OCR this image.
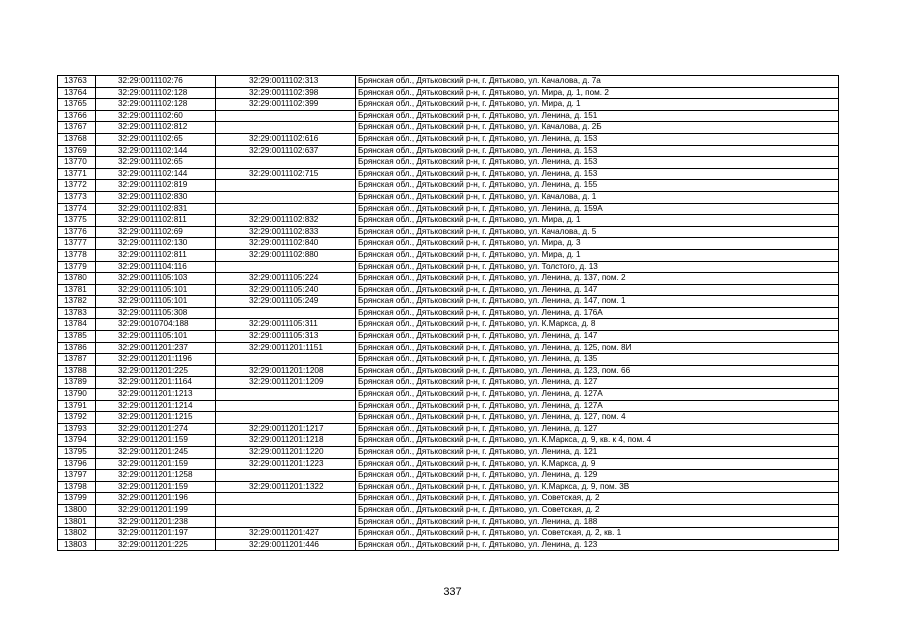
13763	32:29:0011102:76	32:29:0011102:313	Брянская обл., Дятьковский р-н, г. Дятьково, ул. Качалова, д. 7а
13764	32:29:0011102:128	32:29:0011102:398	Брянская обл., Дятьковский р-н, г. Дятьково, ул. Мира, д. 1, пом. 2
13765	32:29:0011102:128	32:29:0011102:399	Брянская обл., Дятьковский р-н, г. Дятьково, ул. Мира, д. 1
13766	32:29:0011102:60		Брянская обл., Дятьковский р-н, г. Дятьково, ул. Ленина, д. 151
13767	32:29:0011102:812		Брянская обл., Дятьковский р-н, г. Дятьково, ул. Качалова, д. 2Б
13768	32:29:0011102:65	32:29:0011102:616	Брянская обл., Дятьковский р-н, г. Дятьково, ул. Ленина, д. 153
13769	32:29:0011102:144	32:29:0011102:637	Брянская обл., Дятьковский р-н, г. Дятьково, ул. Ленина, д. 153
13770	32:29:0011102:65		Брянская обл., Дятьковский р-н, г. Дятьково, ул. Ленина, д. 153
13771	32:29:0011102:144	32:29:0011102:715	Брянская обл., Дятьковский р-н, г. Дятьково, ул. Ленина, д. 153
13772	32:29:0011102:819		Брянская обл., Дятьковский р-н, г. Дятьково, ул. Ленина, д. 155
13773	32:29:0011102:830		Брянская обл., Дятьковский р-н, г. Дятьково, ул. Качалова, д. 1
13774	32:29:0011102:831		Брянская обл., Дятьковский р-н, г. Дятьково, ул. Ленина, д. 159А
13775	32:29:0011102:811	32:29:0011102:832	Брянская обл., Дятьковский р-н, г. Дятьково, ул. Мира, д. 1
13776	32:29:0011102:69	32:29:0011102:833	Брянская обл., Дятьковский р-н, г. Дятьково, ул. Качалова, д. 5
13777	32:29:0011102:130	32:29:0011102:840	Брянская обл., Дятьковский р-н, г. Дятьково, ул. Мира, д. 3
13778	32:29:0011102:811	32:29:0011102:880	Брянская обл., Дятьковский р-н, г. Дятьково, ул. Мира, д. 1
13779	32:29:0011104:116		Брянская обл., Дятьковский р-н, г. Дятьково, ул. Толстого, д. 13
13780	32:29:0011105:103	32:29:0011105:224	Брянская обл., Дятьковский р-н, г. Дятьково, ул. Ленина, д. 137, пом. 2
13781	32:29:0011105:101	32:29:0011105:240	Брянская обл., Дятьковский р-н, г. Дятьково, ул. Ленина, д. 147
13782	32:29:0011105:101	32:29:0011105:249	Брянская обл., Дятьковский р-н, г. Дятьково, ул. Ленина, д. 147, пом. 1
13783	32:29:0011105:308		Брянская обл., Дятьковский р-н, г. Дятьково, ул. Ленина, д. 176А
13784	32:29:0010704:188	32:29:0011105:311	Брянская обл., Дятьковский р-н, г. Дятьково, ул. К.Маркса, д. 8
13785	32:29:0011105:101	32:29:0011105:313	Брянская обл., Дятьковский р-н, г. Дятьково, ул. Ленина, д. 147
13786	32:29:0011201:237	32:29:0011201:1151	Брянская обл., Дятьковский р-н, г. Дятьково, ул. Ленина, д. 125, пом. 8И
13787	32:29:0011201:1196		Брянская обл., Дятьковский р-н, г. Дятьково, ул. Ленина, д. 135
13788	32:29:0011201:225	32:29:0011201:1208	Брянская обл., Дятьковский р-н, г. Дятьково, ул. Ленина, д. 123, пом. 66
13789	32:29:0011201:1164	32:29:0011201:1209	Брянская обл., Дятьковский р-н, г. Дятьково, ул. Ленина, д. 127
13790	32:29:0011201:1213		Брянская обл., Дятьковский р-н, г. Дятьково, ул. Ленина, д. 127А
13791	32:29:0011201:1214		Брянская обл., Дятьковский р-н, г. Дятьково, ул. Ленина, д. 127А
13792	32:29:0011201:1215		Брянская обл., Дятьковский р-н, г. Дятьково, ул. Ленина, д. 127, пом. 4
13793	32:29:0011201:274	32:29:0011201:1217	Брянская обл., Дятьковский р-н, г. Дятьково, ул. Ленина, д. 127
13794	32:29:0011201:159	32:29:0011201:1218	Брянская обл., Дятьковский р-н, г. Дятьково, ул. К.Маркса, д. 9, кв. к 4, пом. 4
13795	32:29:0011201:245	32:29:0011201:1220	Брянская обл., Дятьковский р-н, г. Дятьково, ул. Ленина, д. 121
13796	32:29:0011201:159	32:29:0011201:1223	Брянская обл., Дятьковский р-н, г. Дятьково, ул. К.Маркса, д. 9
13797	32:29:0011201:1258		Брянская обл., Дятьковский р-н, г. Дятьково, ул. Ленина, д. 129
13798	32:29:0011201:159	32:29:0011201:1322	Брянская обл., Дятьковский р-н, г. Дятьково, ул. К.Маркса, д. 9, пом. 3В
13799	32:29:0011201:196		Брянская обл., Дятьковский р-н, г. Дятьково, ул. Советская, д. 2
13800	32:29:0011201:199		Брянская обл., Дятьковский р-н, г. Дятьково, ул. Советская, д. 2
13801	32:29:0011201:238		Брянская обл., Дятьковский р-н, г. Дятьково, ул. Ленина, д. 188
13802	32:29:0011201:197	32:29:0011201:427	Брянская обл., Дятьковский р-н, г. Дятьково, ул. Советская, д. 2, кв. 1
13803	32:29:0011201:225	32:29:0011201:446	Брянская обл., Дятьковский р-н, г. Дятьково, ул. Ленина, д. 123
337
